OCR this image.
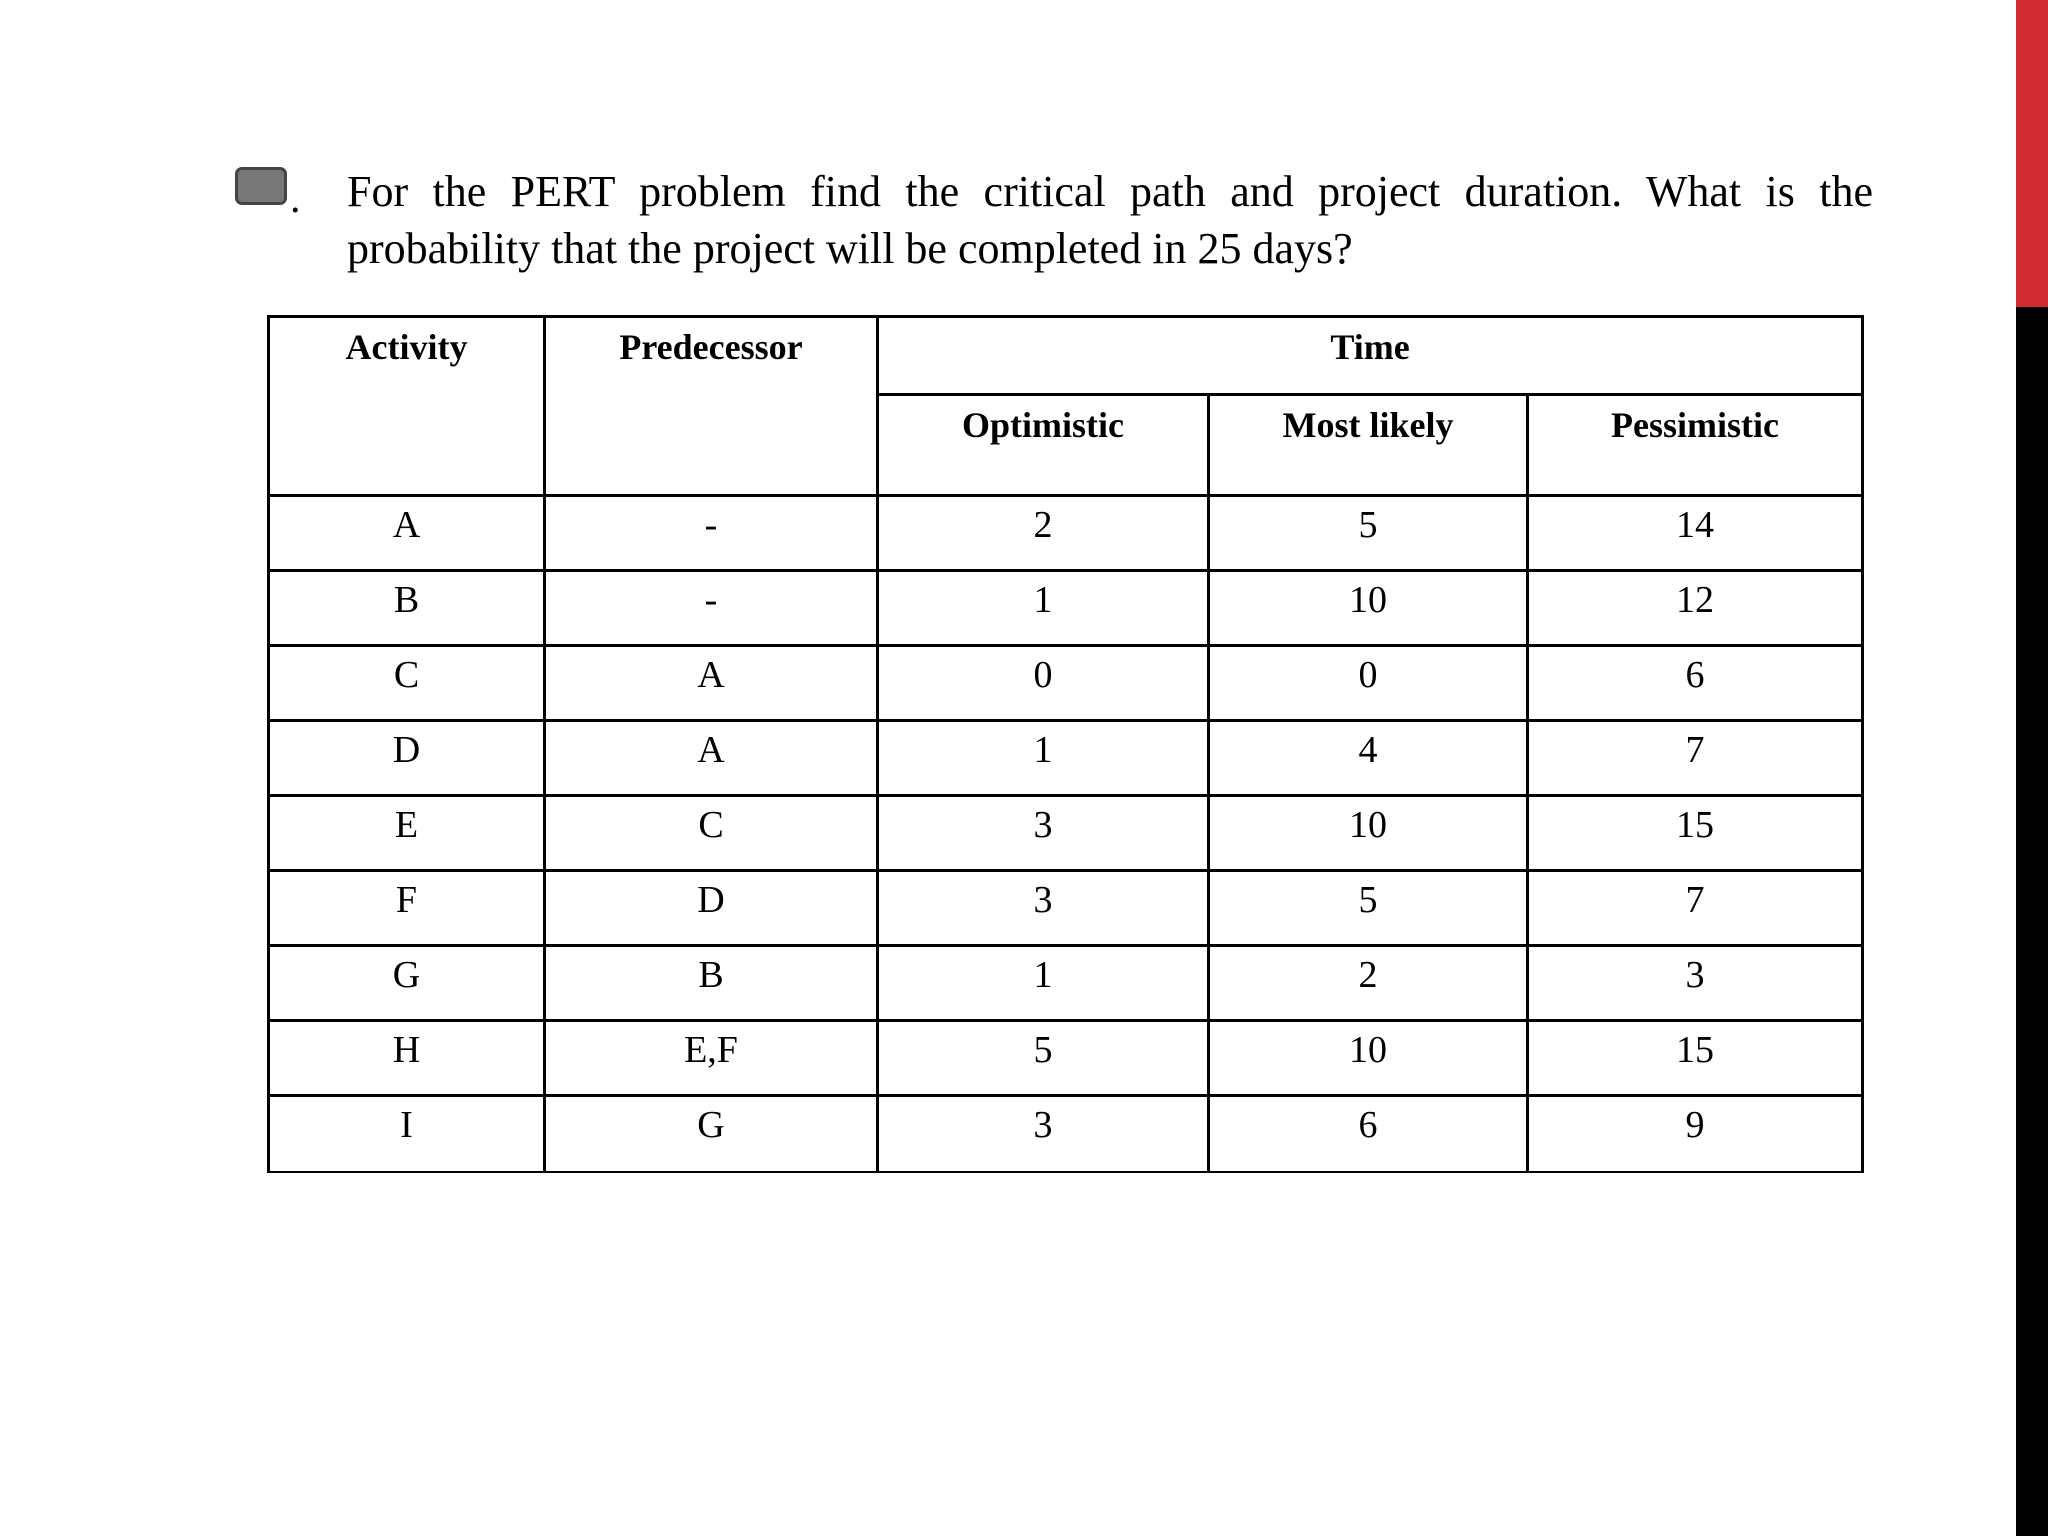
. For the PERT problem find the critical path and project duration. What is the
probability that the project will be completed in 25 days?
Activity	Predecessor	Time		
		Optimistic	Most likely	Pessimistic
A	-	2	5	14
B	-	1	10	12
C	A	0	0	6
D	A	1	4	7
E	C	3	10	15
F	D	3	5	7
G	B	1	2	3
H	E,F	5	10	15
I	G	3	6	9
